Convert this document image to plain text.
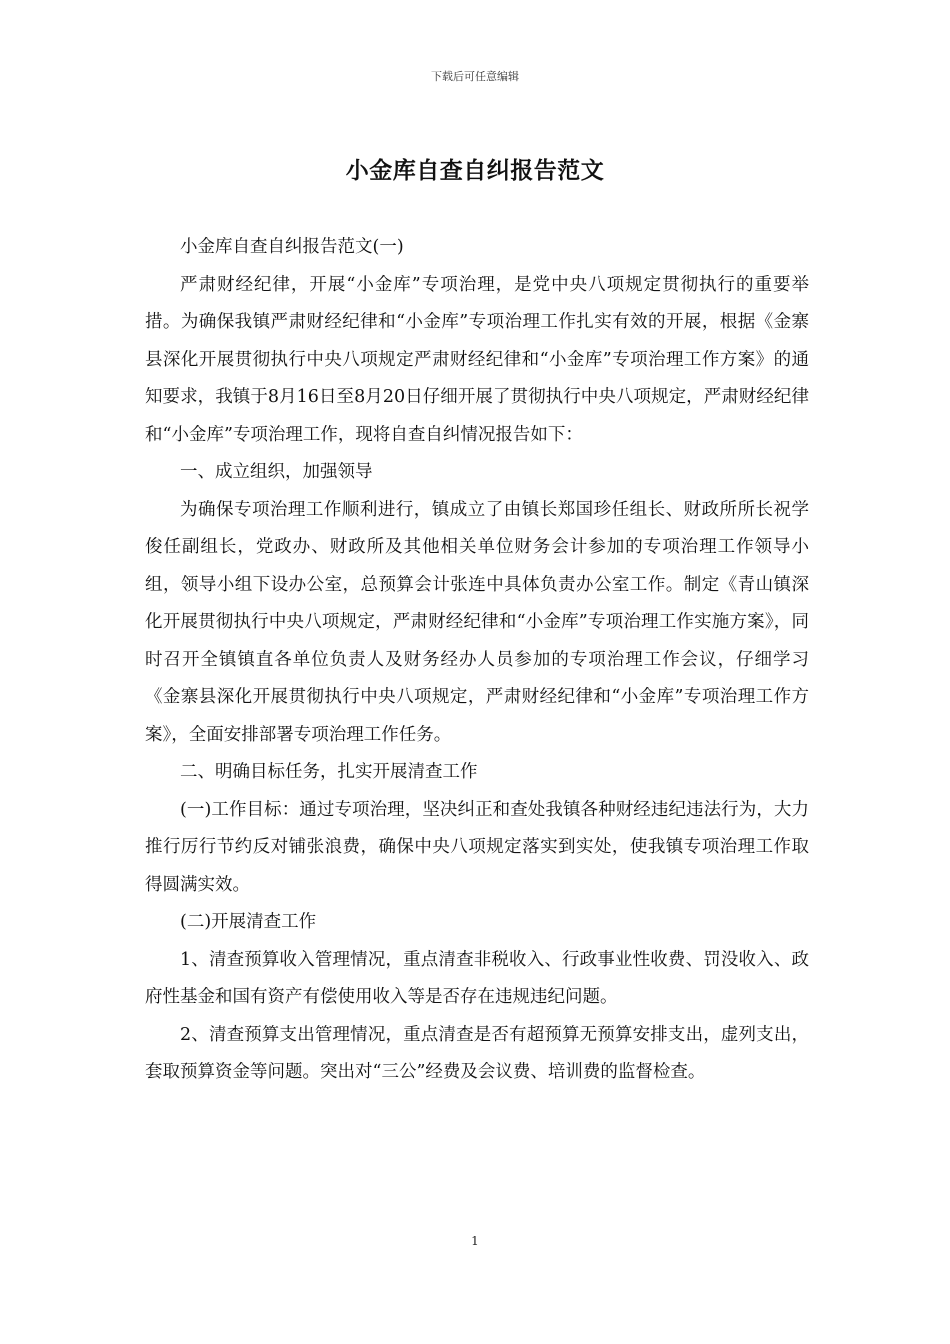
下载后可任意编辑
小金库自查自纠报告范文

小金库自查自纠报告范文(一)

严肃财经纪律，开展“小金库”专项治理，是党中央八项规定贯彻执行的重要举措。为确保我镇严肃财经纪律和“小金库”专项治理工作扎实有效的开展，根据《金寨县深化开展贯彻执行中央八项规定严肃财经纪律和“小金库”专项治理工作方案》的通知要求，我镇于8月16日至8月20日仔细开展了贯彻执行中央八项规定，严肃财经纪律和“小金库”专项治理工作，现将自查自纠情况报告如下：

一、成立组织，加强领导

为确保专项治理工作顺利进行，镇成立了由镇长郑国珍任组长、财政所所长祝学俊任副组长，党政办、财政所及其他相关单位财务会计参加的专项治理工作领导小组，领导小组下设办公室，总预算会计张连中具体负责办公室工作。制定《青山镇深化开展贯彻执行中央八项规定，严肃财经纪律和“小金库”专项治理工作实施方案》，同时召开全镇镇直各单位负责人及财务经办人员参加的专项治理工作会议，仔细学习《金寨县深化开展贯彻执行中央八项规定，严肃财经纪律和“小金库”专项治理工作方案》，全面安排部署专项治理工作任务。

二、明确目标任务，扎实开展清查工作

(一)工作目标：通过专项治理，坚决纠正和查处我镇各种财经违纪违法行为，大力推行厉行节约反对铺张浪费，确保中央八项规定落实到实处，使我镇专项治理工作取得圆满实效。

(二)开展清查工作

1、清查预算收入管理情况，重点清查非税收入、行政事业性收费、罚没收入、政府性基金和国有资产有偿使用收入等是否存在违规违纪问题。

2、清查预算支出管理情况，重点清查是否有超预算无预算安排支出，虚列支出，套取预算资金等问题。突出对“三公”经费及会议费、培训费的监督检查。

1
